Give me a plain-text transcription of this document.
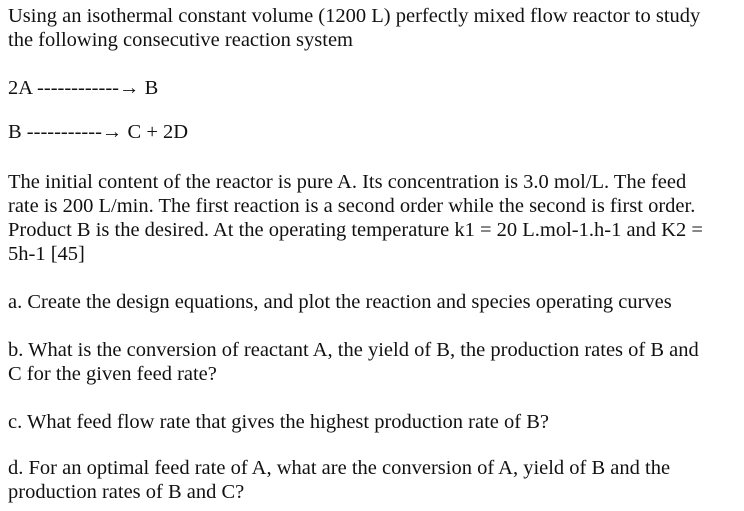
Using an isothermal constant volume (1200 L) perfectly mixed flow reactor to study
the following consecutive reaction system
2A ------------→ B
B -----------→ C + 2D
The initial content of the reactor is pure A. Its concentration is 3.0 mol/L. The feed
rate is 200 L/min. The first reaction is a second order while the second is first order.
Product B is the desired. At the operating temperature k1 = 20 L.mol-1.h-1 and K2 =
5h-1 [45]
a. Create the design equations, and plot the reaction and species operating curves
b. What is the conversion of reactant A, the yield of B, the production rates of B and
C for the given feed rate?
c. What feed flow rate that gives the highest production rate of B?
d. For an optimal feed rate of A, what are the conversion of A, yield of B and the
production rates of B and C?
